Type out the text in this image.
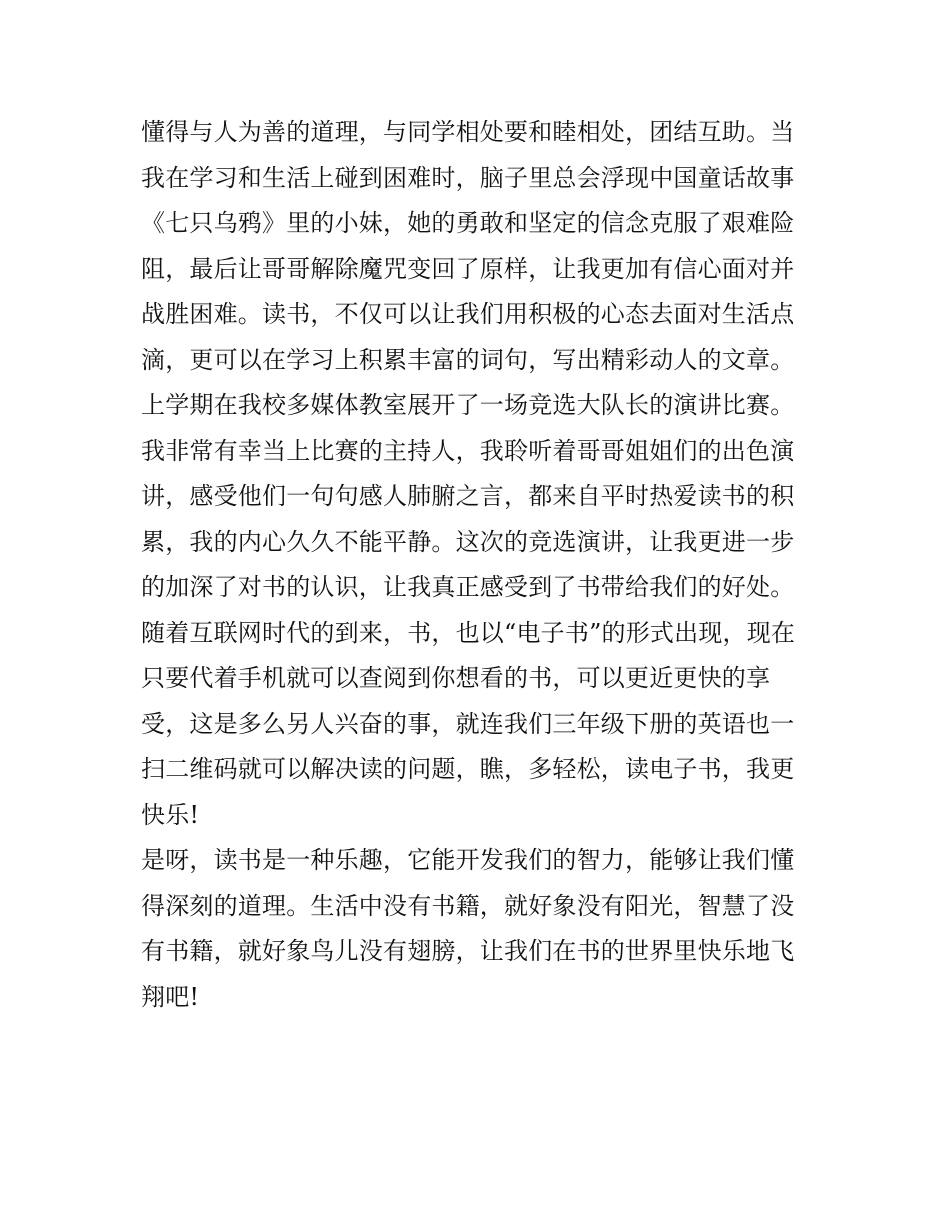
懂得与人为善的道理，与同学相处要和睦相处，团结互助。当
我在学习和生活上碰到困难时，脑子里总会浮现中国童话故事
《七只乌鸦》里的小妹，她的勇敢和坚定的信念克服了艰难险
阻，最后让哥哥解除魔咒变回了原样，让我更加有信心面对并
战胜困难。读书，不仅可以让我们用积极的心态去面对生活点
滴，更可以在学习上积累丰富的词句，写出精彩动人的文章。
上学期在我校多媒体教室展开了一场竞选大队长的演讲比赛。
我非常有幸当上比赛的主持人，我聆听着哥哥姐姐们的出色演
讲，感受他们一句句感人肺腑之言，都来自平时热爱读书的积
累，我的内心久久不能平静。这次的竞选演讲，让我更进一步
的加深了对书的认识，让我真正感受到了书带给我们的好处。
随着互联网时代的到来，书，也以“电子书”的形式出现，现在
只要代着手机就可以查阅到你想看的书，可以更近更快的享
受，这是多么另人兴奋的事，就连我们三年级下册的英语也一
扫二维码就可以解决读的问题，瞧，多轻松，读电子书，我更
快乐!
是呀，读书是一种乐趣，它能开发我们的智力，能够让我们懂
得深刻的道理。生活中没有书籍，就好象没有阳光，智慧了没
有书籍，就好象鸟儿没有翅膀，让我们在书的世界里快乐地飞
翔吧!
